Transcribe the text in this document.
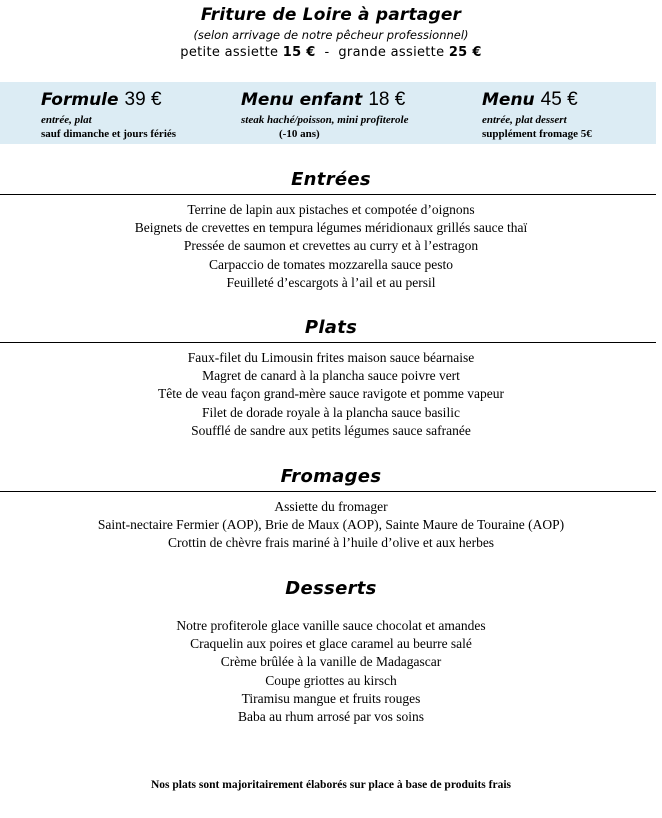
Friture de Loire à partager
(selon arrivage de notre pêcheur professionnel)
petite assiette 15 € - grande assiette 25 €
Formule 39 €
entrée, plat
sauf dimanche et jours fériés
Menu enfant 18 €
steak haché/poisson, mini profiterole
(-10 ans)
Menu 45 €
entrée, plat dessert
supplément fromage 5€
Entrées
Terrine de lapin aux pistaches et compotée d’oignons
Beignets de crevettes en tempura légumes méridionaux grillés sauce thaï
Pressée de saumon et crevettes au curry et à l’estragon
Carpaccio de tomates mozzarella sauce pesto
Feuilleté d’escargots à l’ail et au persil
Plats
Faux-filet du Limousin frites maison sauce béarnaise
Magret de canard à la plancha sauce poivre vert
Tête de veau façon grand-mère sauce ravigote et pomme vapeur
Filet de dorade royale à la plancha sauce basilic
Soufflé de sandre aux petits légumes sauce safranée
Fromages
Assiette du fromager
Saint-nectaire Fermier (AOP), Brie de Maux (AOP), Sainte Maure de Touraine (AOP)
Crottin de chèvre frais mariné à l’huile d’olive et aux herbes
Desserts
Notre profiterole glace vanille sauce chocolat et amandes
Craquelin aux poires et glace caramel au beurre salé
Crème brûlée à la vanille de Madagascar
Coupe griottes au kirsch
Tiramisu mangue et fruits rouges
Baba au rhum arrosé par vos soins
Nos plats sont majoritairement élaborés sur place à base de produits frais
